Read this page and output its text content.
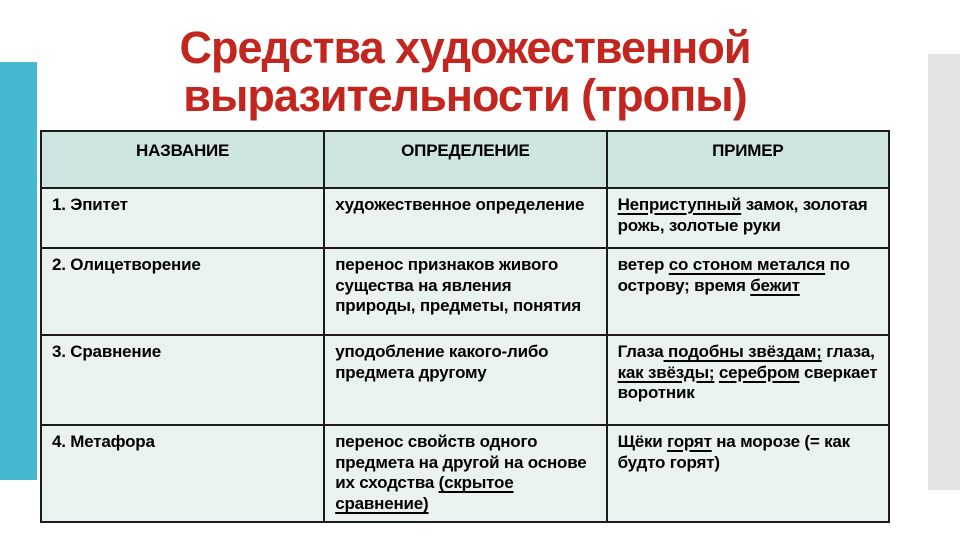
Средства художественной
выразительности (тропы)
НАЗВАНИЕ	ОПРЕДЕЛЕНИЕ	ПРИМЕР
1. Эпитет	художественное определение	Неприступный замок, золотая рожь, золотые руки
2. Олицетворение	перенос признаков живого существа на явления природы, предметы, понятия	ветер со стоном метался по острову; время бежит
3. Сравнение	уподобление какого-либо предмета другому	Глаза подобны звёздам; глаза, как звёзды; серебром сверкает воротник
4. Метафора	перенос свойств одного предмета на другой на основе их сходства (скрытое сравнение)	Щёки горят на морозе (= как будто горят)
